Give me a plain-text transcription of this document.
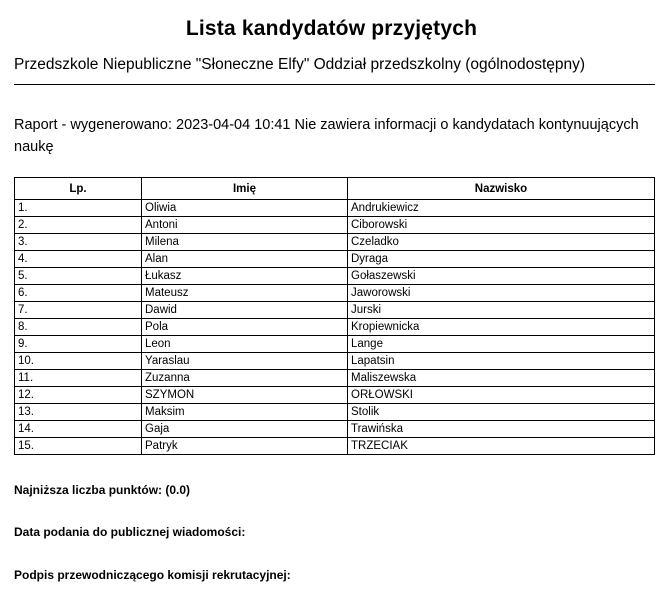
Lista kandydatów przyjętych
Przedszkole Niepubliczne "Słoneczne Elfy" Oddział przedszkolny (ogólnodostępny)
Raport - wygenerowano: 2023-04-04 10:41 Nie zawiera informacji o kandydatach kontynuujących naukę
Lp.	Imię	Nazwisko
1.	Oliwia	Andrukiewicz
2.	Antoni	Ciborowski
3.	Milena	Czeladko
4.	Alan	Dyraga
5.	Łukasz	Gołaszewski
6.	Mateusz	Jaworowski
7.	Dawid	Jurski
8.	Pola	Kropiewnicka
9.	Leon	Lange
10.	Yaraslau	Lapatsin
11.	Zuzanna	Maliszewska
12.	SZYMON	ORŁOWSKI
13.	Maksim	Stolik
14.	Gaja	Trawińska
15.	Patryk	TRZECIAK
Najniższa liczba punktów: (0.0)
Data podania do publicznej wiadomości:
Podpis przewodniczącego komisji rekrutacyjnej:
